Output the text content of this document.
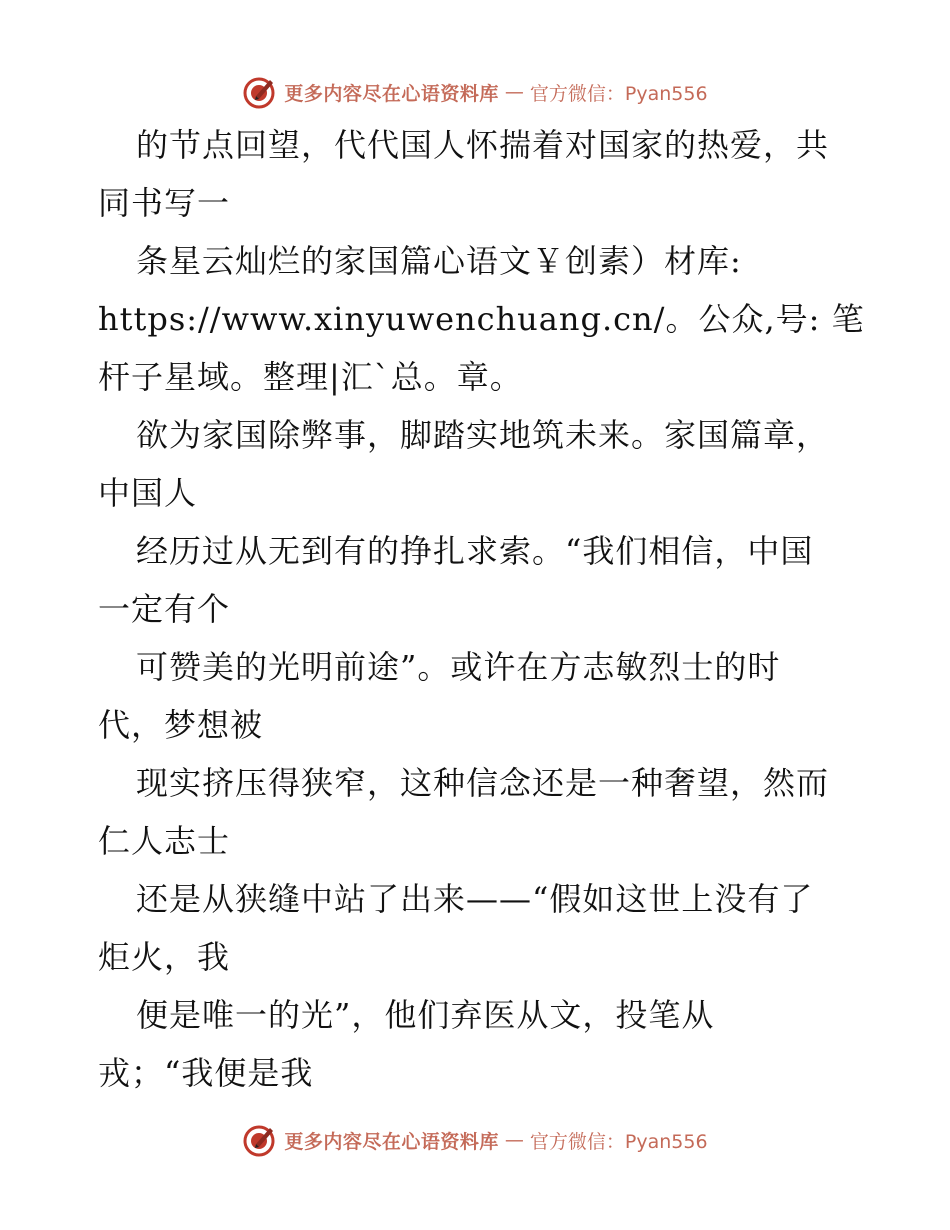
更多内容尽在心语资料库 — 官方微信：Pyan556
的节点回望，代代国人怀揣着对国家的热爱，共
同书写一
条星云灿烂的家国篇心语文￥创素）材库:
https://www.xinyuwenchuang.cn/。公众,号: 笔
杆子星域。整理|汇`总。章。
欲为家国除弊事，脚踏实地筑未来。家国篇章，
中国人
经历过从无到有的挣扎求索。“我们相信，中国
一定有个
可赞美的光明前途”。或许在方志敏烈士的时
代，梦想被
现实挤压得狭窄，这种信念还是一种奢望，然而
仁人志士
还是从狭缝中站了出来——“假如这世上没有了
炬火，我
便是唯一的光”，他们弃医从文，投笔从
戎；“我便是我
更多内容尽在心语资料库 — 官方微信：Pyan556
